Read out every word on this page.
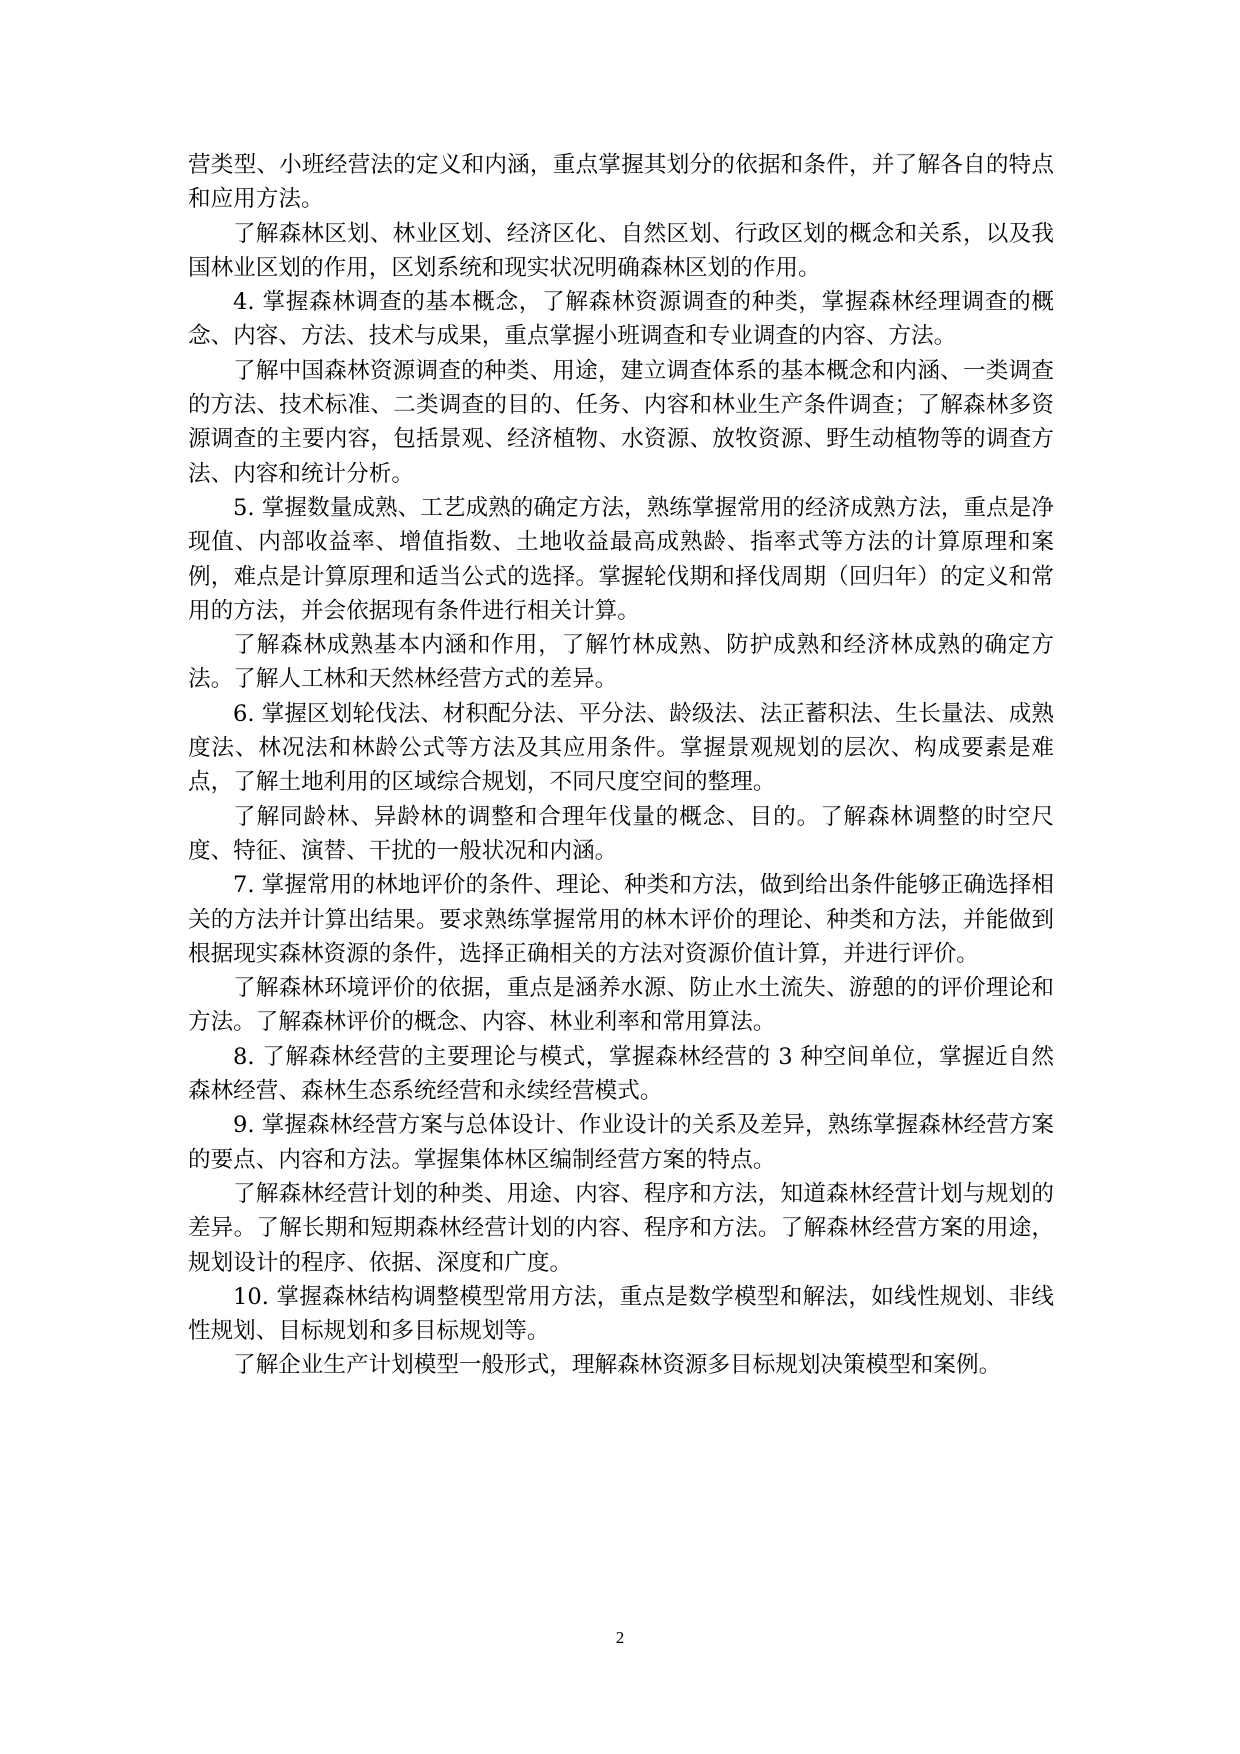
营类型、小班经营法的定义和内涵，重点掌握其划分的依据和条件，并了解各自的特点和应用方法。

了解森林区划、林业区划、经济区化、自然区划、行政区划的概念和关系，以及我国林业区划的作用，区划系统和现实状况明确森林区划的作用。

4. 掌握森林调查的基本概念，了解森林资源调查的种类，掌握森林经理调查的概念、内容、方法、技术与成果，重点掌握小班调查和专业调查的内容、方法。

了解中国森林资源调查的种类、用途，建立调查体系的基本概念和内涵、一类调查的方法、技术标准、二类调查的目的、任务、内容和林业生产条件调查；了解森林多资源调查的主要内容，包括景观、经济植物、水资源、放牧资源、野生动植物等的调查方法、内容和统计分析。

5. 掌握数量成熟、工艺成熟的确定方法，熟练掌握常用的经济成熟方法，重点是净现值、内部收益率、增值指数、土地收益最高成熟龄、指率式等方法的计算原理和案例，难点是计算原理和适当公式的选择。掌握轮伐期和择伐周期（回归年）的定义和常用的方法，并会依据现有条件进行相关计算。

了解森林成熟基本内涵和作用，了解竹林成熟、防护成熟和经济林成熟的确定方法。了解人工林和天然林经营方式的差异。

6. 掌握区划轮伐法、材积配分法、平分法、龄级法、法正蓄积法、生长量法、成熟度法、林况法和林龄公式等方法及其应用条件。掌握景观规划的层次、构成要素是难点，了解土地利用的区域综合规划，不同尺度空间的整理。

了解同龄林、异龄林的调整和合理年伐量的概念、目的。了解森林调整的时空尺度、特征、演替、干扰的一般状况和内涵。

7. 掌握常用的林地评价的条件、理论、种类和方法，做到给出条件能够正确选择相关的方法并计算出结果。要求熟练掌握常用的林木评价的理论、种类和方法，并能做到根据现实森林资源的条件，选择正确相关的方法对资源价值计算，并进行评价。

了解森林环境评价的依据，重点是涵养水源、防止水土流失、游憩的的评价理论和方法。了解森林评价的概念、内容、林业利率和常用算法。

8. 了解森林经营的主要理论与模式，掌握森林经营的 3 种空间单位，掌握近自然森林经营、森林生态系统经营和永续经营模式。

9. 掌握森林经营方案与总体设计、作业设计的关系及差异，熟练掌握森林经营方案的要点、内容和方法。掌握集体林区编制经营方案的特点。

了解森林经营计划的种类、用途、内容、程序和方法，知道森林经营计划与规划的差异。了解长期和短期森林经营计划的内容、程序和方法。了解森林经营方案的用途，规划设计的程序、依据、深度和广度。

10. 掌握森林结构调整模型常用方法，重点是数学模型和解法，如线性规划、非线性规划、目标规划和多目标规划等。

了解企业生产计划模型一般形式，理解森林资源多目标规划决策模型和案例。

2
